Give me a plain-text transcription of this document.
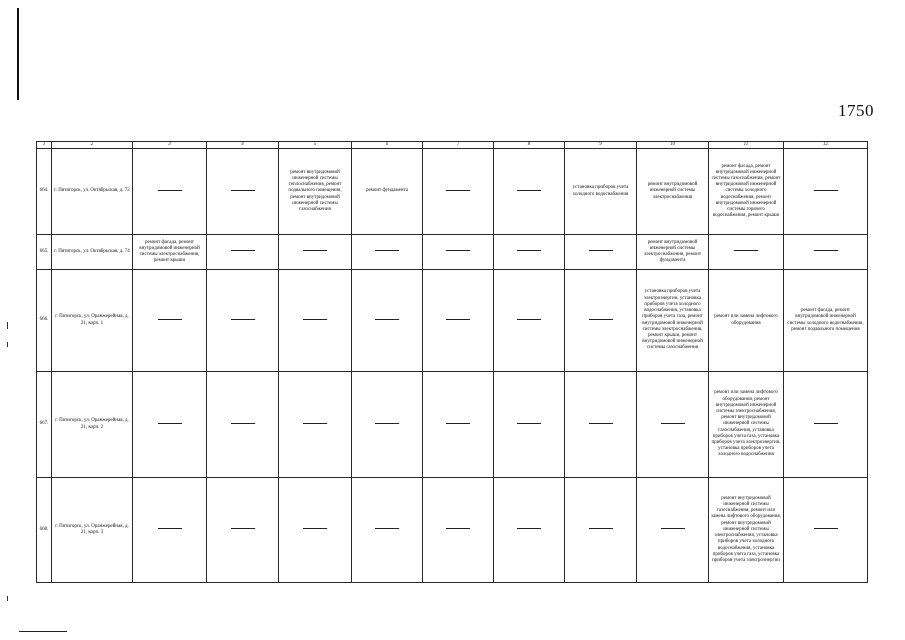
1750
1	2	3	4	5	6	7	8	9	10	11	12
664.	г. Пятигорск, ул. Октябрьская, д. 72			ремонт внутридомовой инженерной системы теплоснабжения, ремонт подвального помещения, ремонт внутридомовой инженерной системы газоснабжения	ремонт фундамента			установка приборов учета холодного водоснабжения	ремонт внутридомовой инженерной системы электроснабжения	ремонт фасада, ремонт внутридомовой инженерной системы газоснабжения, ремонт внутридомовой инженерной системы холодного водоснабжения, ремонт внутридомовой инженерной системы горячего водоснабжения, ремонт крыши	
665.	г. Пятигорск, ул. Октябрьская, д. 74	ремонт фасада, ремонт внутридомовой инженерной системы электроснабжения, ремонт крыши							ремонт внутридомовой инженерной системы электроснабжения, ремонт фундамента		
666.	г. Пятигорск, ул. Оранжерейная, д. 21, корп. 1								установка приборов учета электроэнергии, установка приборов учета холодного водоснабжения, установка приборов учета газа, ремонт внутридомовой инженерной системы электроснабжения, ремонт крыши, ремонт внутридомовой инженерной системы газоснабжения	ремонт или замена лифтового оборудования	ремонт фасада, ремонт внутридомовой инженерной системы холодного водоснабжения, ремонт подвального помещения
667.	г. Пятигорск, ул. Оранжерейная, д. 21, корп. 2									ремонт или замена лифтового оборудования, ремонт внутридомовой инженерной системы электроснабжения, ремонт внутридомовой инженерной системы газоснабжения, установка приборов учета газа, установка приборов учета электроэнергии, установка приборов учета холодного водоснабжения	
668.	г. Пятигорск, ул. Оранжерейная, д. 21, корп. 3									ремонт внутридомовой инженерной системы газоснабжения, ремонт или замена лифтового оборудования, ремонт внутридомовой инженерной системы электроснабжения, установка приборов учета холодного водоснабжения, установка приборов учета газа, установка приборов учета электроэнергии	
